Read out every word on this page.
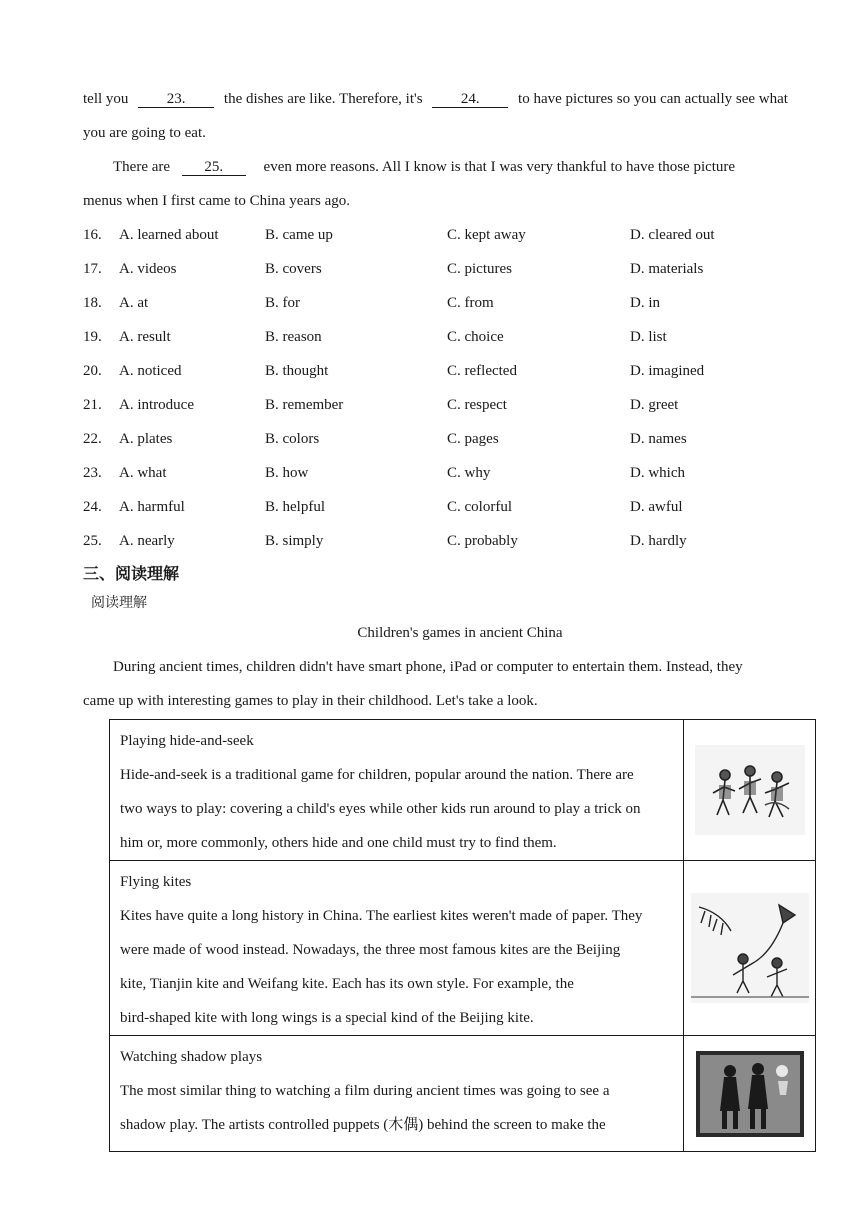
tell you	23.	the dishes are like. Therefore, it's	24.	to have pictures so you can actually see what
you are going to eat.
There are 25.	even more reasons. All I know is that I was very thankful to have those picture
menus when I first came to China years ago.
16. A. learned about	B. came up	C. kept away	D. cleared out
17. A. videos	B. covers	C. pictures	D. materials
18. A. at	B. for	C. from	D. in
19. A. result	B. reason	C. choice	D. list
20. A. noticed	B. thought	C. reflected	D. imagined
21. A. introduce	B. remember	C. respect	D. greet
22. A. plates	B. colors	C. pages	D. names
23. A. what	B. how	C. why	D. which
24. A. harmful	B. helpful	C. colorful	D. awful
25. A. nearly	B. simply	C. probably	D. hardly
三、阅读理解
阅读理解
Children's games in ancient China
During ancient times, children didn't have smart phone, iPad or computer to entertain them. Instead, they
came up with interesting games to play in their childhood. Let's take a look.
Playing hide-and-seek
Hide-and-seek is a traditional game for children, popular around the nation. There are
two ways to play: covering a child's eyes while other kids run around to play a trick on
him or, more commonly, others hide and one child must try to find them.

Flying kites
Kites have quite a long history in China. The earliest kites weren't made of paper. They
were made of wood instead. Nowadays, the three most famous kites are the Beijing
kite, Tianjin kite and Weifang kite. Each has its own style. For example, the
bird-shaped kite with long wings is a special kind of the Beijing kite.

Watching shadow plays
The most similar thing to watching a film during ancient times was going to see a
shadow play. The artists controlled puppets (木偶) behind the screen to make the
